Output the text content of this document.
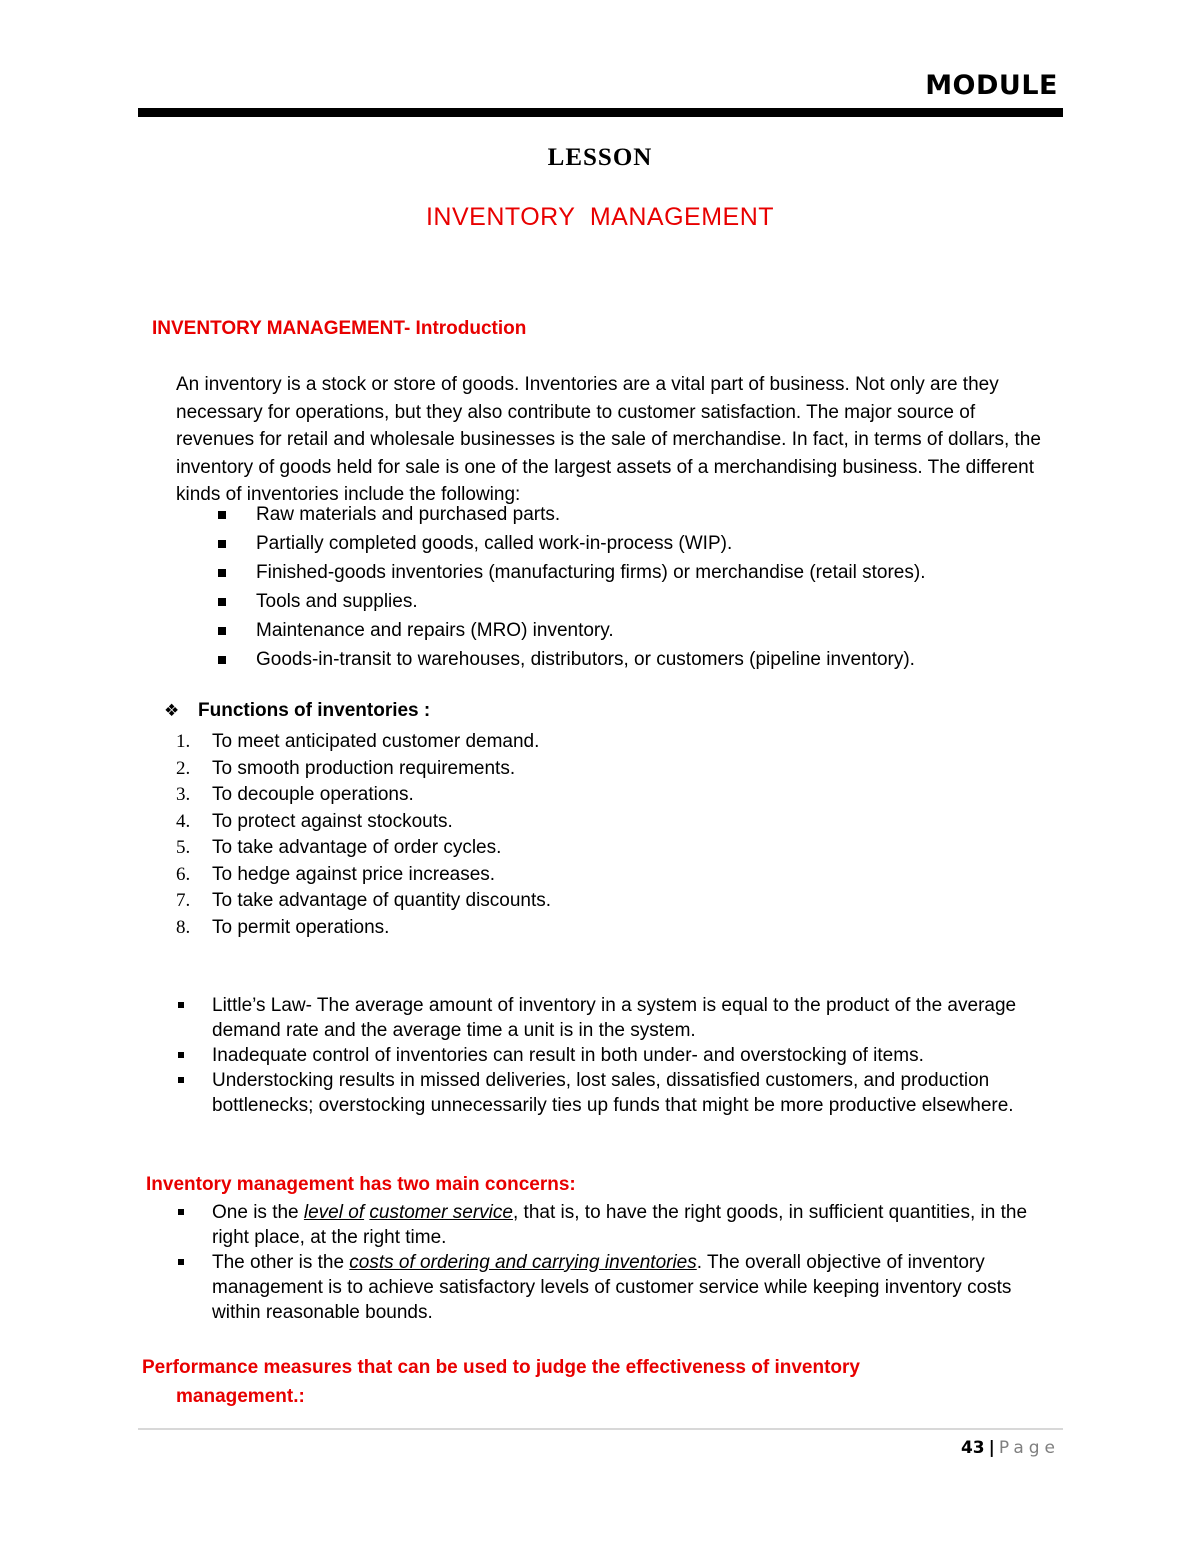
MODULE
LESSON
INVENTORY  MANAGEMENT
INVENTORY MANAGEMENT- Introduction
An inventory is a stock or store of goods. Inventories are a vital part of business. Not only are they necessary for operations, but they also contribute to customer satisfaction. The major source of revenues for retail and wholesale businesses is the sale of merchandise. In fact, in terms of dollars, the inventory of goods held for sale is one of the largest assets of a merchandising business. The different kinds of inventories include the following:
Raw materials and purchased parts.
Partially completed goods, called work-in-process (WIP).
Finished-goods inventories (manufacturing firms) or merchandise (retail stores).
Tools and supplies.
Maintenance and repairs (MRO) inventory.
Goods-in-transit to warehouses, distributors, or customers (pipeline inventory).
❖ Functions of inventories :
1. To meet anticipated customer demand.
2. To smooth production requirements.
3. To decouple operations.
4. To protect against stockouts.
5. To take advantage of order cycles.
6. To hedge against price increases.
7. To take advantage of quantity discounts.
8. To permit operations.
Little’s Law- The average amount of inventory in a system is equal to the product of the average demand rate and the average time a unit is in the system.
Inadequate control of inventories can result in both under- and overstocking of items.
Understocking results in missed deliveries, lost sales, dissatisfied customers, and production bottlenecks; overstocking unnecessarily ties up funds that might be more productive elsewhere.
Inventory management has two main concerns:
One is the level of customer service, that is, to have the right goods, in sufficient quantities, in the right place, at the right time.
The other is the costs of ordering and carrying inventories. The overall objective of inventory management is to achieve satisfactory levels of customer service while keeping inventory costs within reasonable bounds.
Performance measures that can be used to judge the effectiveness of inventory
management.:
43 | Page
